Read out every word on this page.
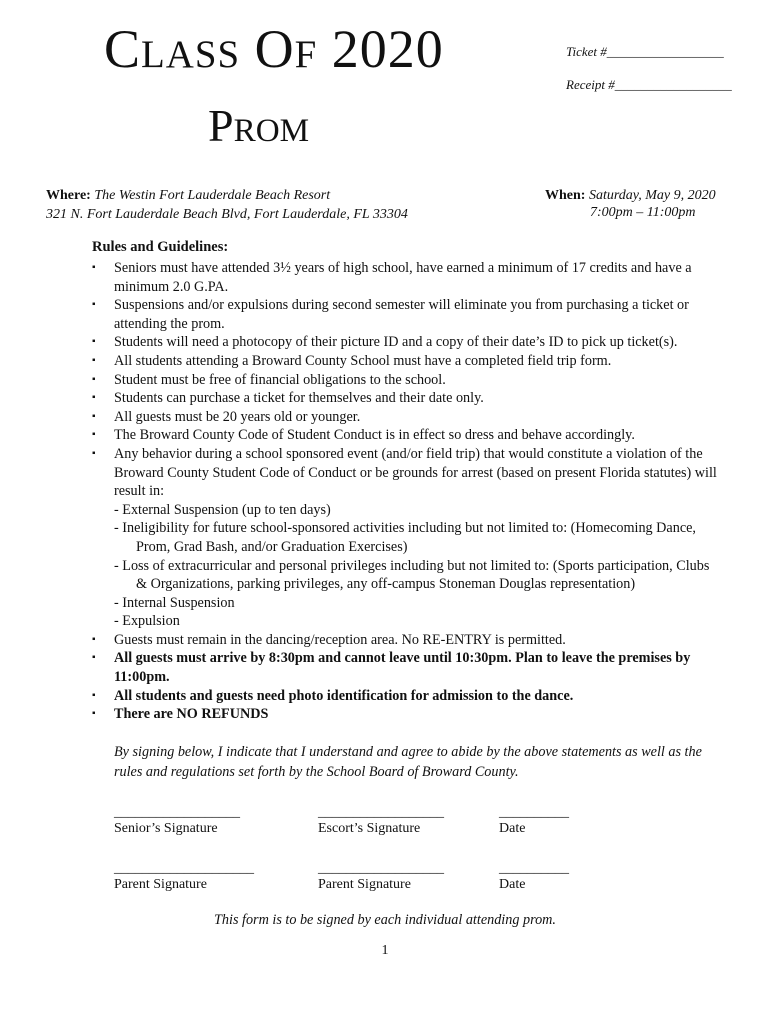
CLASS OF 2020
PROM
Ticket #__________________
Receipt #__________________
Where: The Westin Fort Lauderdale Beach Resort
321 N. Fort Lauderdale Beach Blvd, Fort Lauderdale, FL 33304
When: Saturday, May 9, 2020
7:00pm – 11:00pm
Rules and Guidelines:
▪ Seniors must have attended 3½ years of high school, have earned a minimum of 17 credits and have a minimum 2.0 G.PA.
▪ Suspensions and/or expulsions during second semester will eliminate you from purchasing a ticket or attending the prom.
▪ Students will need a photocopy of their picture ID and a copy of their date’s ID to pick up ticket(s).
▪ All students attending a Broward County School must have a completed field trip form.
▪ Student must be free of financial obligations to the school.
▪ Students can purchase a ticket for themselves and their date only.
▪ All guests must be 20 years old or younger.
▪ The Broward County Code of Student Conduct is in effect so dress and behave accordingly.
▪ Any behavior during a school sponsored event (and/or field trip) that would constitute a violation of the Broward County Student Code of Conduct or be grounds for arrest (based on present Florida statutes) will result in:
- External Suspension (up to ten days)
- Ineligibility for future school-sponsored activities including but not limited to: (Homecoming Dance, Prom, Grad Bash, and/or Graduation Exercises)
- Loss of extracurricular and personal privileges including but not limited to: (Sports participation, Clubs & Organizations, parking privileges, any off-campus Stoneman Douglas representation)
- Internal Suspension
- Expulsion
▪ Guests must remain in the dancing/reception area. No RE-ENTRY is permitted.
▪ All guests must arrive by 8:30pm and cannot leave until 10:30pm. Plan to leave the premises by 11:00pm.
▪ All students and guests need photo identification for admission to the dance.
▪ There are NO REFUNDS
By signing below, I indicate that I understand and agree to abide by the above statements as well as the rules and regulations set forth by the School Board of Broward County.
__________________	__________________	__________
Senior’s Signature	Escort’s Signature	Date
____________________	__________________	__________
Parent Signature	Parent Signature	Date
This form is to be signed by each individual attending prom.
1
